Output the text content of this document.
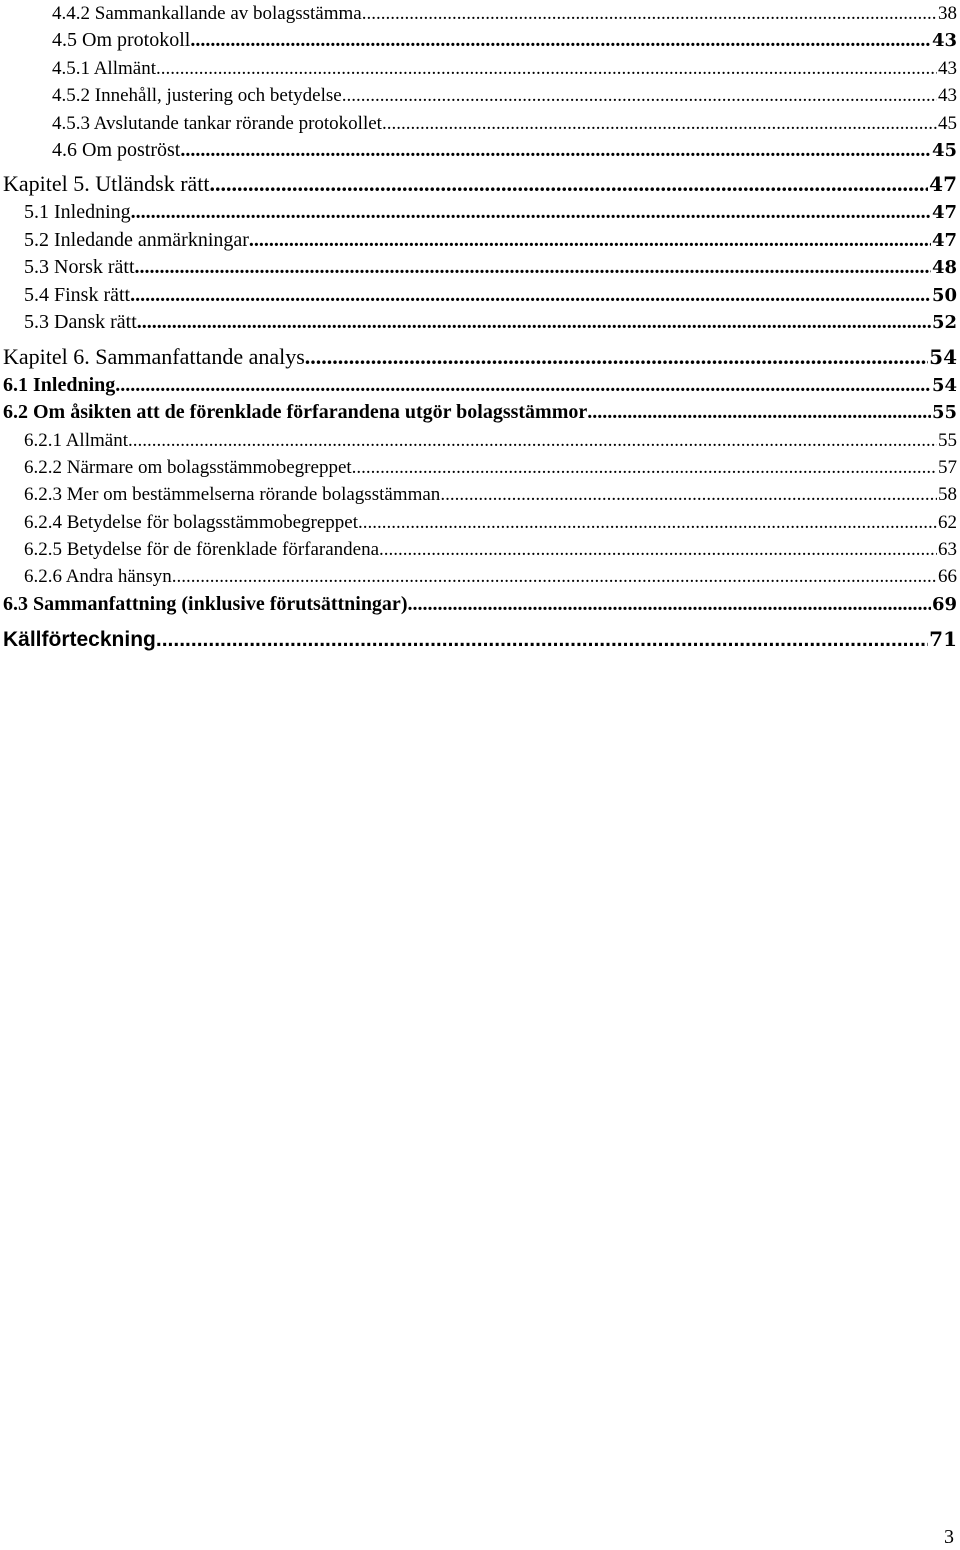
4.4.2 Sammankallande av bolagsstämma .....	38
4.5 Om protokoll .....	43
4.5.1 Allmänt .....	43
4.5.2 Innehåll, justering och betydelse .....	43
4.5.3 Avslutande tankar rörande protokollet .....	45
4.6 Om poströst .....	45
Kapitel 5. Utländsk rätt .....	47
5.1 Inledning .....	47
5.2 Inledande anmärkningar .....	47
5.3 Norsk rätt .....	48
5.4 Finsk rätt .....	50
5.3 Dansk rätt .....	52
Kapitel 6. Sammanfattande analys .....	54
6.1 Inledning .....	54
6.2 Om åsikten att de förenklade förfarandena utgör bolagsstämmor .....	55
6.2.1 Allmänt .....	55
6.2.2 Närmare om bolagsstämmobegreppet .....	57
6.2.3 Mer om bestämmelserna rörande bolagsstämman .....	58
6.2.4 Betydelse för bolagsstämmobegreppet .....	62
6.2.5 Betydelse för de förenklade förfarandena .....	63
6.2.6 Andra hänsyn .....	66
6.3 Sammanfattning (inklusive förutsättningar) .....	69
Källförteckning .....	71
3
